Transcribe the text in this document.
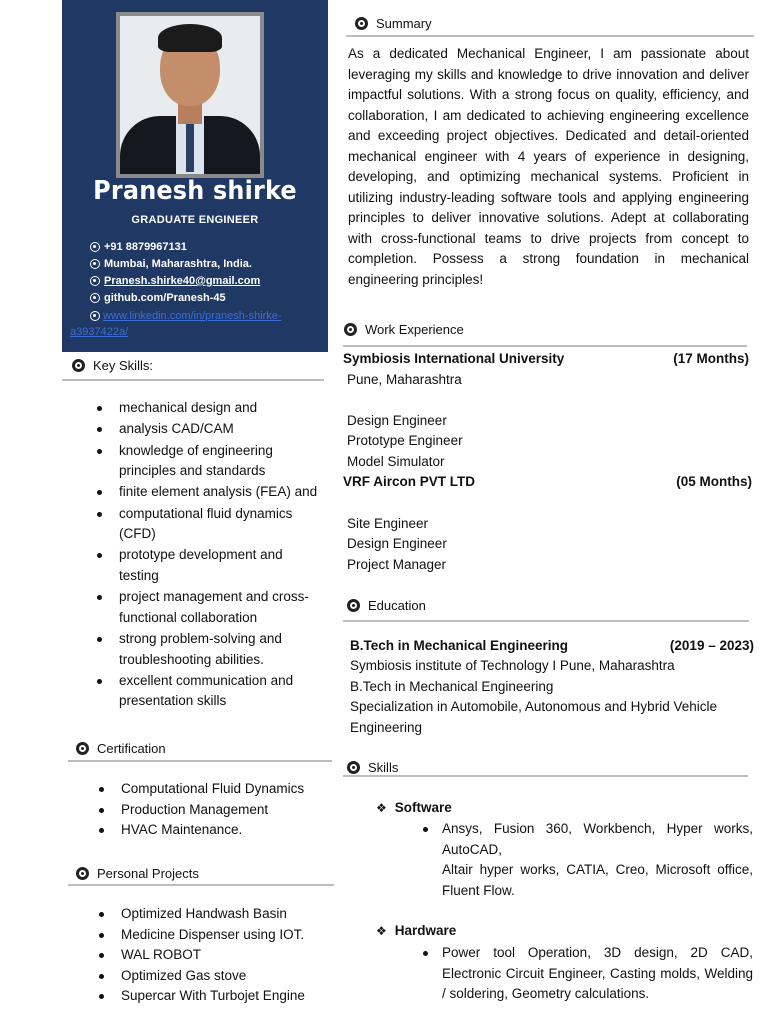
Pranesh shirke
GRADUATE ENGINEER
+91 8879967131
Mumbai, Maharashtra, India.
Pranesh.shirke40@gmail.com
github.com/Pranesh-45
www.linkedin.com/in/pranesh-shirke-a3937422a/
Key Skills:
mechanical design and
analysis CAD/CAM
knowledge of engineering principles and standards
finite element analysis (FEA) and
computational fluid dynamics (CFD)
prototype development and testing
project management and cross-functional collaboration
strong problem-solving and troubleshooting abilities.
excellent communication and presentation skills
Certification
Computational Fluid Dynamics
Production Management
HVAC Maintenance.
Personal Projects
Optimized Handwash Basin
Medicine Dispenser using IOT.
WAL ROBOT
Optimized Gas stove
Supercar With Turbojet Engine
Summary
As a dedicated Mechanical Engineer, I am passionate about leveraging my skills and knowledge to drive innovation and deliver impactful solutions. With a strong focus on quality, efficiency, and collaboration, I am dedicated to achieving engineering excellence and exceeding project objectives. Dedicated and detail-oriented mechanical engineer with 4 years of experience in designing, developing, and optimizing mechanical systems. Proficient in utilizing industry-leading software tools and applying engineering principles to deliver innovative solutions. Adept at collaborating with cross-functional teams to drive projects from concept to completion. Possess a strong foundation in mechanical engineering principles!
Work Experience
Symbiosis International University	(17 Months)
Pune, Maharashtra
Design Engineer
Prototype Engineer
Model Simulator
VRF Aircon PVT LTD	(05 Months)
Site Engineer
Design Engineer
Project Manager
Education
B.Tech in Mechanical Engineering	(2019 – 2023)
Symbiosis institute of Technology I Pune, Maharashtra
B.Tech in Mechanical Engineering
Specialization in Automobile, Autonomous and Hybrid Vehicle Engineering
Skills
❖ Software
Ansys, Fusion 360, Workbench, Hyper works, AutoCAD,
Altair hyper works, CATIA, Creo, Microsoft office, Fluent Flow.
❖ Hardware
Power tool Operation, 3D design, 2D CAD, Electronic Circuit Engineer, Casting molds, Welding / soldering, Geometry calculations.
